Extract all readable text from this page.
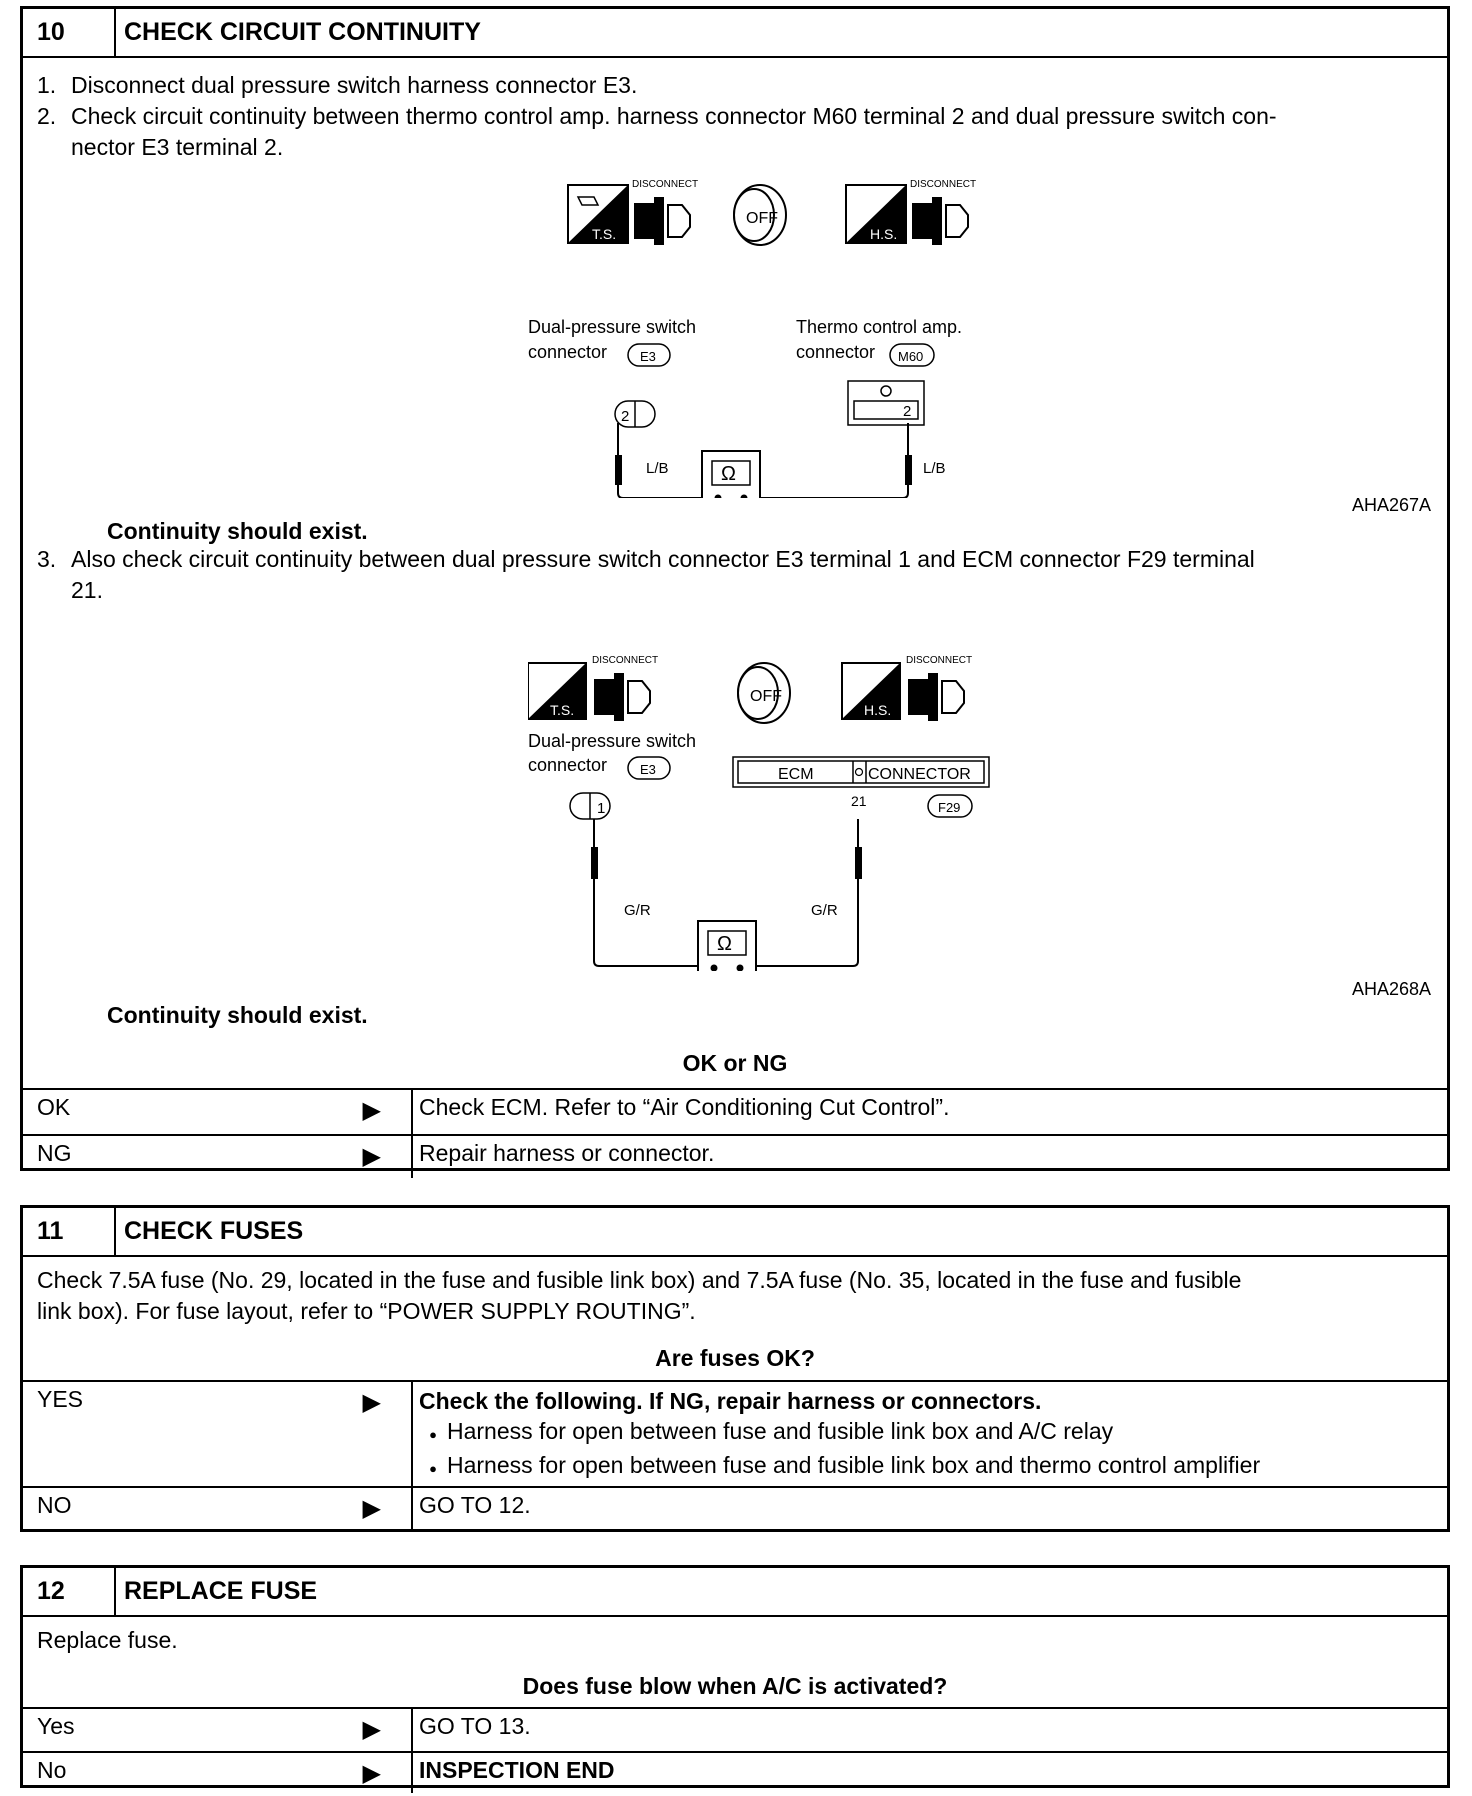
10	CHECK CIRCUIT CONTINUITY
1. Disconnect dual pressure switch harness connector E3.
2. Check circuit continuity between thermo control amp. harness connector M60 terminal 2 and dual pressure switch con-
nector E3 terminal 2.
T.S.
DISCONNECT
OFF
H.S.
DISCONNECT
Dual-pressure switch
connector	E3
Thermo control amp.
connector M60
2	2
L/B	L/B
Ω
AHA267A
Continuity should exist.
3. Also check circuit continuity between dual pressure switch connector E3 terminal 1 and ECM connector F29 terminal
21.
T.S.
DISCONNECT
OFF
H.S.
DISCONNECT
Dual-pressure switch
connector	E3	ECM	CONNECTOR
21	F29
1
G/R	G/R
Ω
AHA268A
Continuity should exist.
OK or NG
OK	▶ Check ECM. Refer to “Air Conditioning Cut Control”.
NG	▶ Repair harness or connector.
11	CHECK FUSES
Check 7.5A fuse (No. 29, located in the fuse and fusible link box) and 7.5A fuse (No. 35, located in the fuse and fusible
link box). For fuse layout, refer to “POWER SUPPLY ROUTING”.
Are fuses OK?
YES	▶ Check the following. If NG, repair harness or connectors.
● Harness for open between fuse and fusible link box and A/C relay
● Harness for open between fuse and fusible link box and thermo control amplifier
NO	▶ GO TO 12.
12	REPLACE FUSE
Replace fuse.
Does fuse blow when A/C is activated?
Yes	▶ GO TO 13.
No	▶ INSPECTION END
